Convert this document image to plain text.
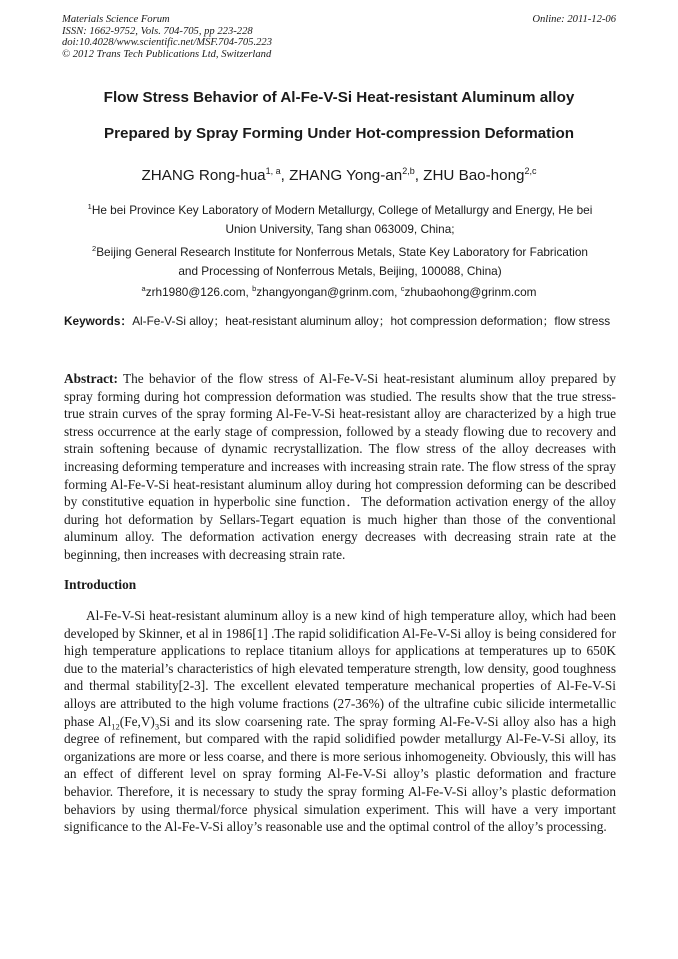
Materials Science Forum
ISSN: 1662-9752, Vols. 704-705, pp 223-228
doi:10.4028/www.scientific.net/MSF.704-705.223
© 2012 Trans Tech Publications Ltd, Switzerland
Online: 2011-12-06
Flow Stress Behavior of Al-Fe-V-Si Heat-resistant Aluminum alloy
Prepared by Spray Forming Under Hot-compression Deformation
ZHANG Rong-hua$^{1, a}$, ZHANG Yong-an$^{2,b}$, ZHU Bao-hong$^{2,c}$
$^1$He bei Province Key Laboratory of Modern Metallurgy, College of Metallurgy and Energy, He bei
Union University, Tang shan 063009, China;
$^2$Beijing General Research Institute for Nonferrous Metals, State Key Laboratory for Fabrication
and Processing of Nonferrous Metals, Beijing, 100088, China)
$^a$zrh1980@126.com, $^b$zhangyongan@grinm.com, $^c$zhubaohong@grinm.com
Keywords：Al-Fe-V-Si alloy；heat-resistant aluminum alloy；hot compression deformation；flow stress
Abstract: The behavior of the flow stress of Al-Fe-V-Si heat-resistant aluminum alloy prepared by spray forming during hot compression deformation was studied. The results show that the true stress-true strain curves of the spray forming Al-Fe-V-Si heat-resistant alloy are characterized by a high true stress occurrence at the early stage of compression, followed by a steady flowing due to recovery and strain softening because of dynamic recrystallization. The flow stress of the alloy decreases with increasing deforming temperature and increases with increasing strain rate. The flow stress of the spray forming Al-Fe-V-Si heat-resistant aluminum alloy during hot compression deforming can be described by constitutive equation in hyperbolic sine function．The deformation activation energy of the alloy during hot deformation by Sellars-Tegart equation is much higher than those of the conventional aluminum alloy. The deformation activation energy decreases with decreasing strain rate at the beginning, then increases with decreasing strain rate.
Introduction
Al-Fe-V-Si heat-resistant aluminum alloy is a new kind of high temperature alloy, which had been developed by Skinner, et al in 1986[1] .The rapid solidification Al-Fe-V-Si alloy is being considered for high temperature applications to replace titanium alloys for applications at temperatures up to 650K due to the material’s characteristics of high elevated temperature strength, low density, good toughness and thermal stability[2-3]. The excellent elevated temperature mechanical properties of Al-Fe-V-Si alloys are attributed to the high volume fractions (27-36%) of the ultrafine cubic silicide intermetallic phase $Al_{12}(Fe,V)_3Si$ and its slow coarsening rate. The spray forming Al-Fe-V-Si alloy also has a high degree of refinement, but compared with the rapid solidified powder metallurgy Al-Fe-V-Si alloy, its organizations are more or less coarse, and there is more serious inhomogeneity. Obviously, this will has an effect of different level on spray forming Al-Fe-V-Si alloy’s plastic deformation and fracture behavior. Therefore, it is necessary to study the spray forming Al-Fe-V-Si alloy’s plastic deformation behaviors by using thermal/force physical simulation experiment. This will have a very important significance to the Al-Fe-V-Si alloy’s reasonable use and the optimal control of the alloy’s processing.
